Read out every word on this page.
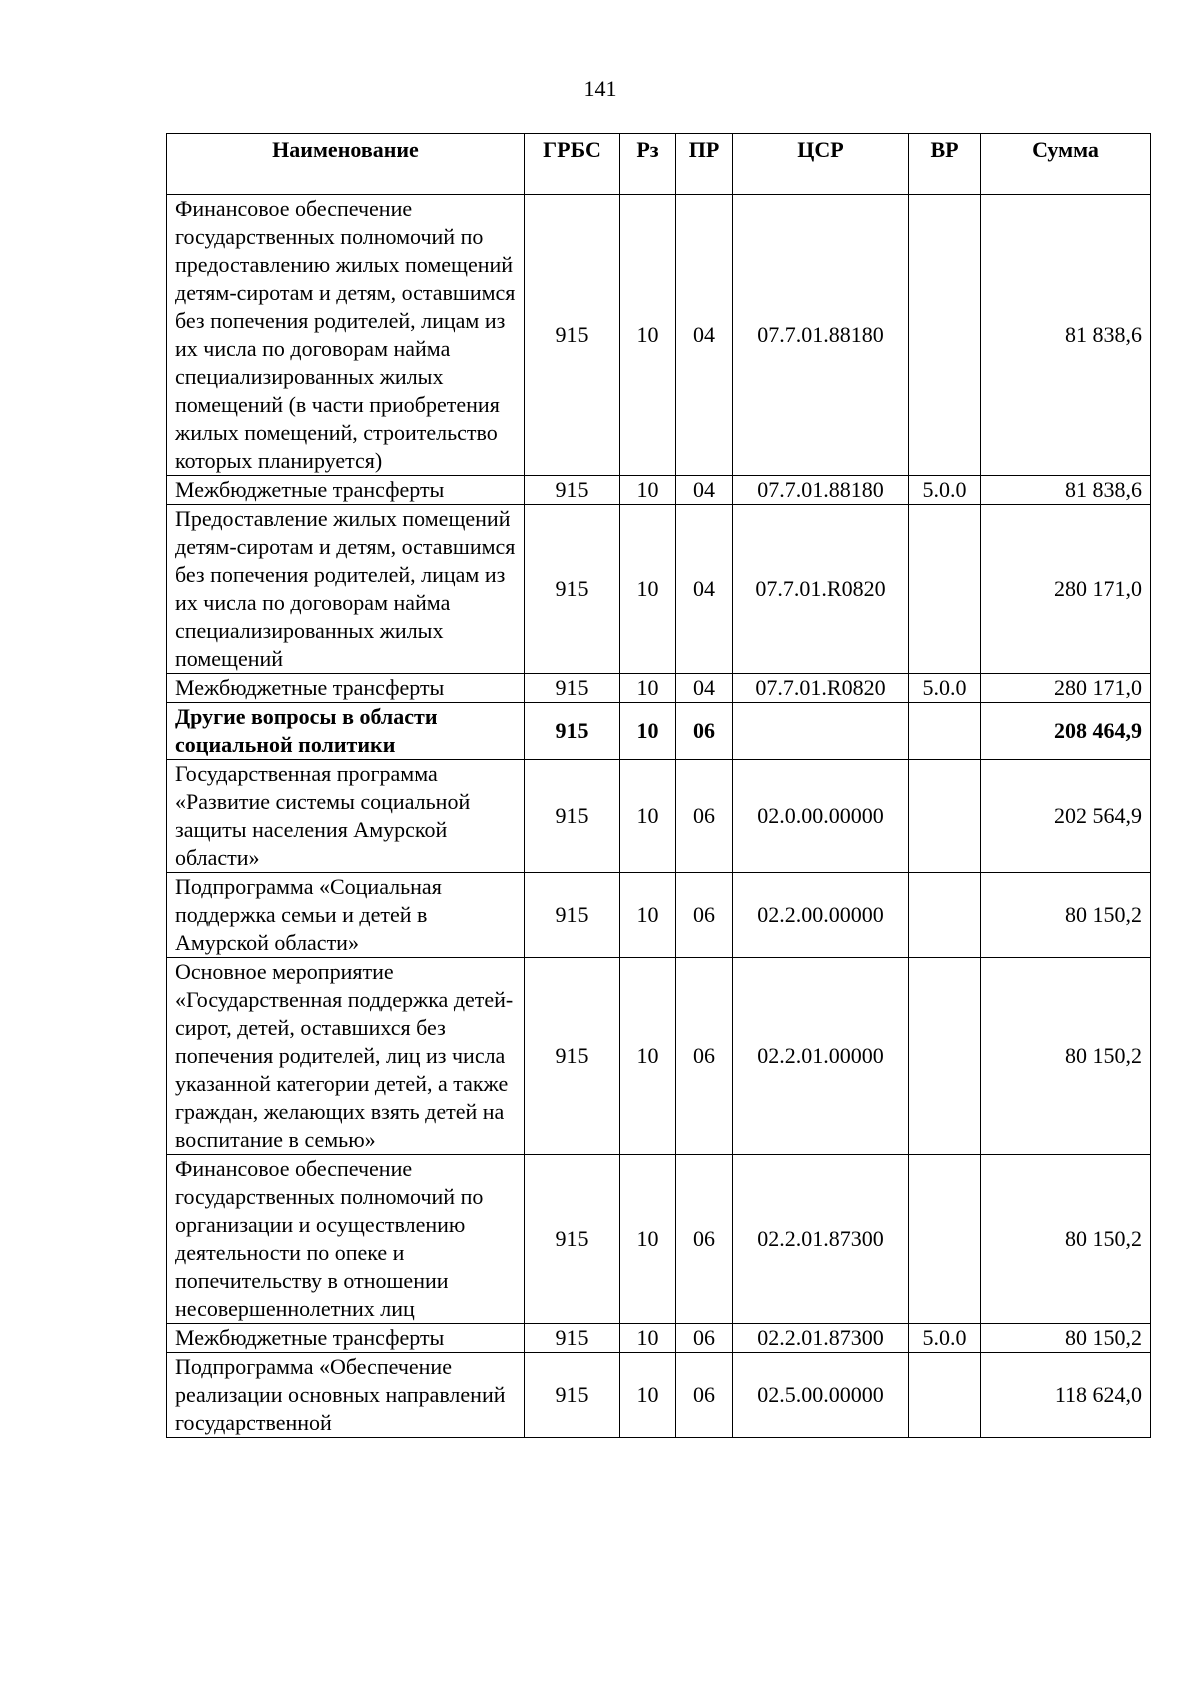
141
Наименование	ГРБС	Рз	ПР	ЦСР	ВР	Сумма
Финансовое обеспечение государственных полномочий по предоставлению жилых помещений детям-сиротам и детям, оставшимся без попечения родителей, лицам из их числа по договорам найма специализированных жилых помещений (в части приобретения жилых помещений, строительство которых планируется)	915	10	04	07.7.01.88180		81 838,6
Межбюджетные трансферты	915	10	04	07.7.01.88180	5.0.0	81 838,6
Предоставление жилых помещений детям-сиротам и детям, оставшимся без попечения родителей, лицам из их числа по договорам найма специализированных жилых помещений	915	10	04	07.7.01.R0820		280 171,0
Межбюджетные трансферты	915	10	04	07.7.01.R0820	5.0.0	280 171,0
Другие вопросы в области социальной политики	915	10	06			208 464,9
Государственная программа «Развитие системы социальной защиты населения Амурской области»	915	10	06	02.0.00.00000		202 564,9
Подпрограмма «Социальная поддержка семьи и детей в Амурской области»	915	10	06	02.2.00.00000		80 150,2
Основное мероприятие «Государственная поддержка детей-сирот, детей, оставшихся без попечения родителей, лиц из числа указанной категории детей, а также граждан, желающих взять детей на воспитание в семью»	915	10	06	02.2.01.00000		80 150,2
Финансовое обеспечение государственных полномочий по организации и осуществлению деятельности по опеке и попечительству в отношении несовершеннолетних лиц	915	10	06	02.2.01.87300		80 150,2
Межбюджетные трансферты	915	10	06	02.2.01.87300	5.0.0	80 150,2
Подпрограмма «Обеспечение реализации основных направлений государственной	915	10	06	02.5.00.00000		118 624,0
